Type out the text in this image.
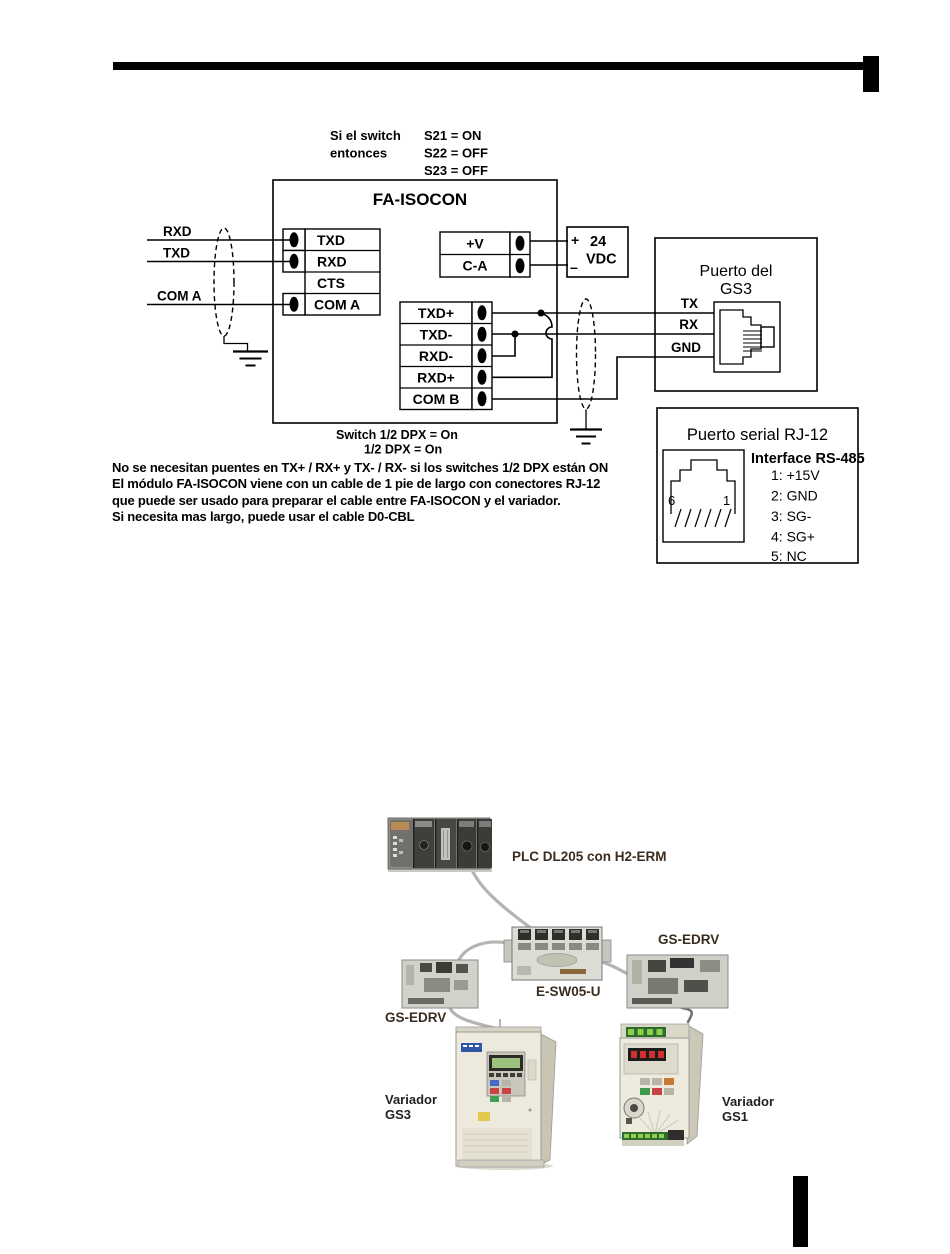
Si el switch S21 = ON
entonces	S22 = OFF
S23 = OFF
FA-ISOCON
TXD
RXD
CTS
COM A
+V
C-A
TXD+
TXD-
RXD-
RXD+
COM B
RXD
TXD
COM A
+ 24
VDC
–	Puerto del
GS3
TX
RX
GND
Switch 1/2 DPX = On
1/2 DPX = On
Puerto serial RJ-12
6	1
Interface RS-485
1: +15V
2: GND
3: SG-
4: SG+
5: NC
No se necesitan puentes en TX+ / RX+ y TX- / RX- si los switches 1/2 DPX están ON
El módulo FA-ISOCON viene con un cable de 1 pie de largo con conectores RJ-12
que puede ser usado para preparar el cable entre FA-ISOCON y el variador.
Si necesita mas largo, puede usar el cable D0-CBL
PLC DL205 con H2-ERM
E-SW05-U
GS-EDRV
GS-EDRV
Variador
GS3
Variador
GS1
